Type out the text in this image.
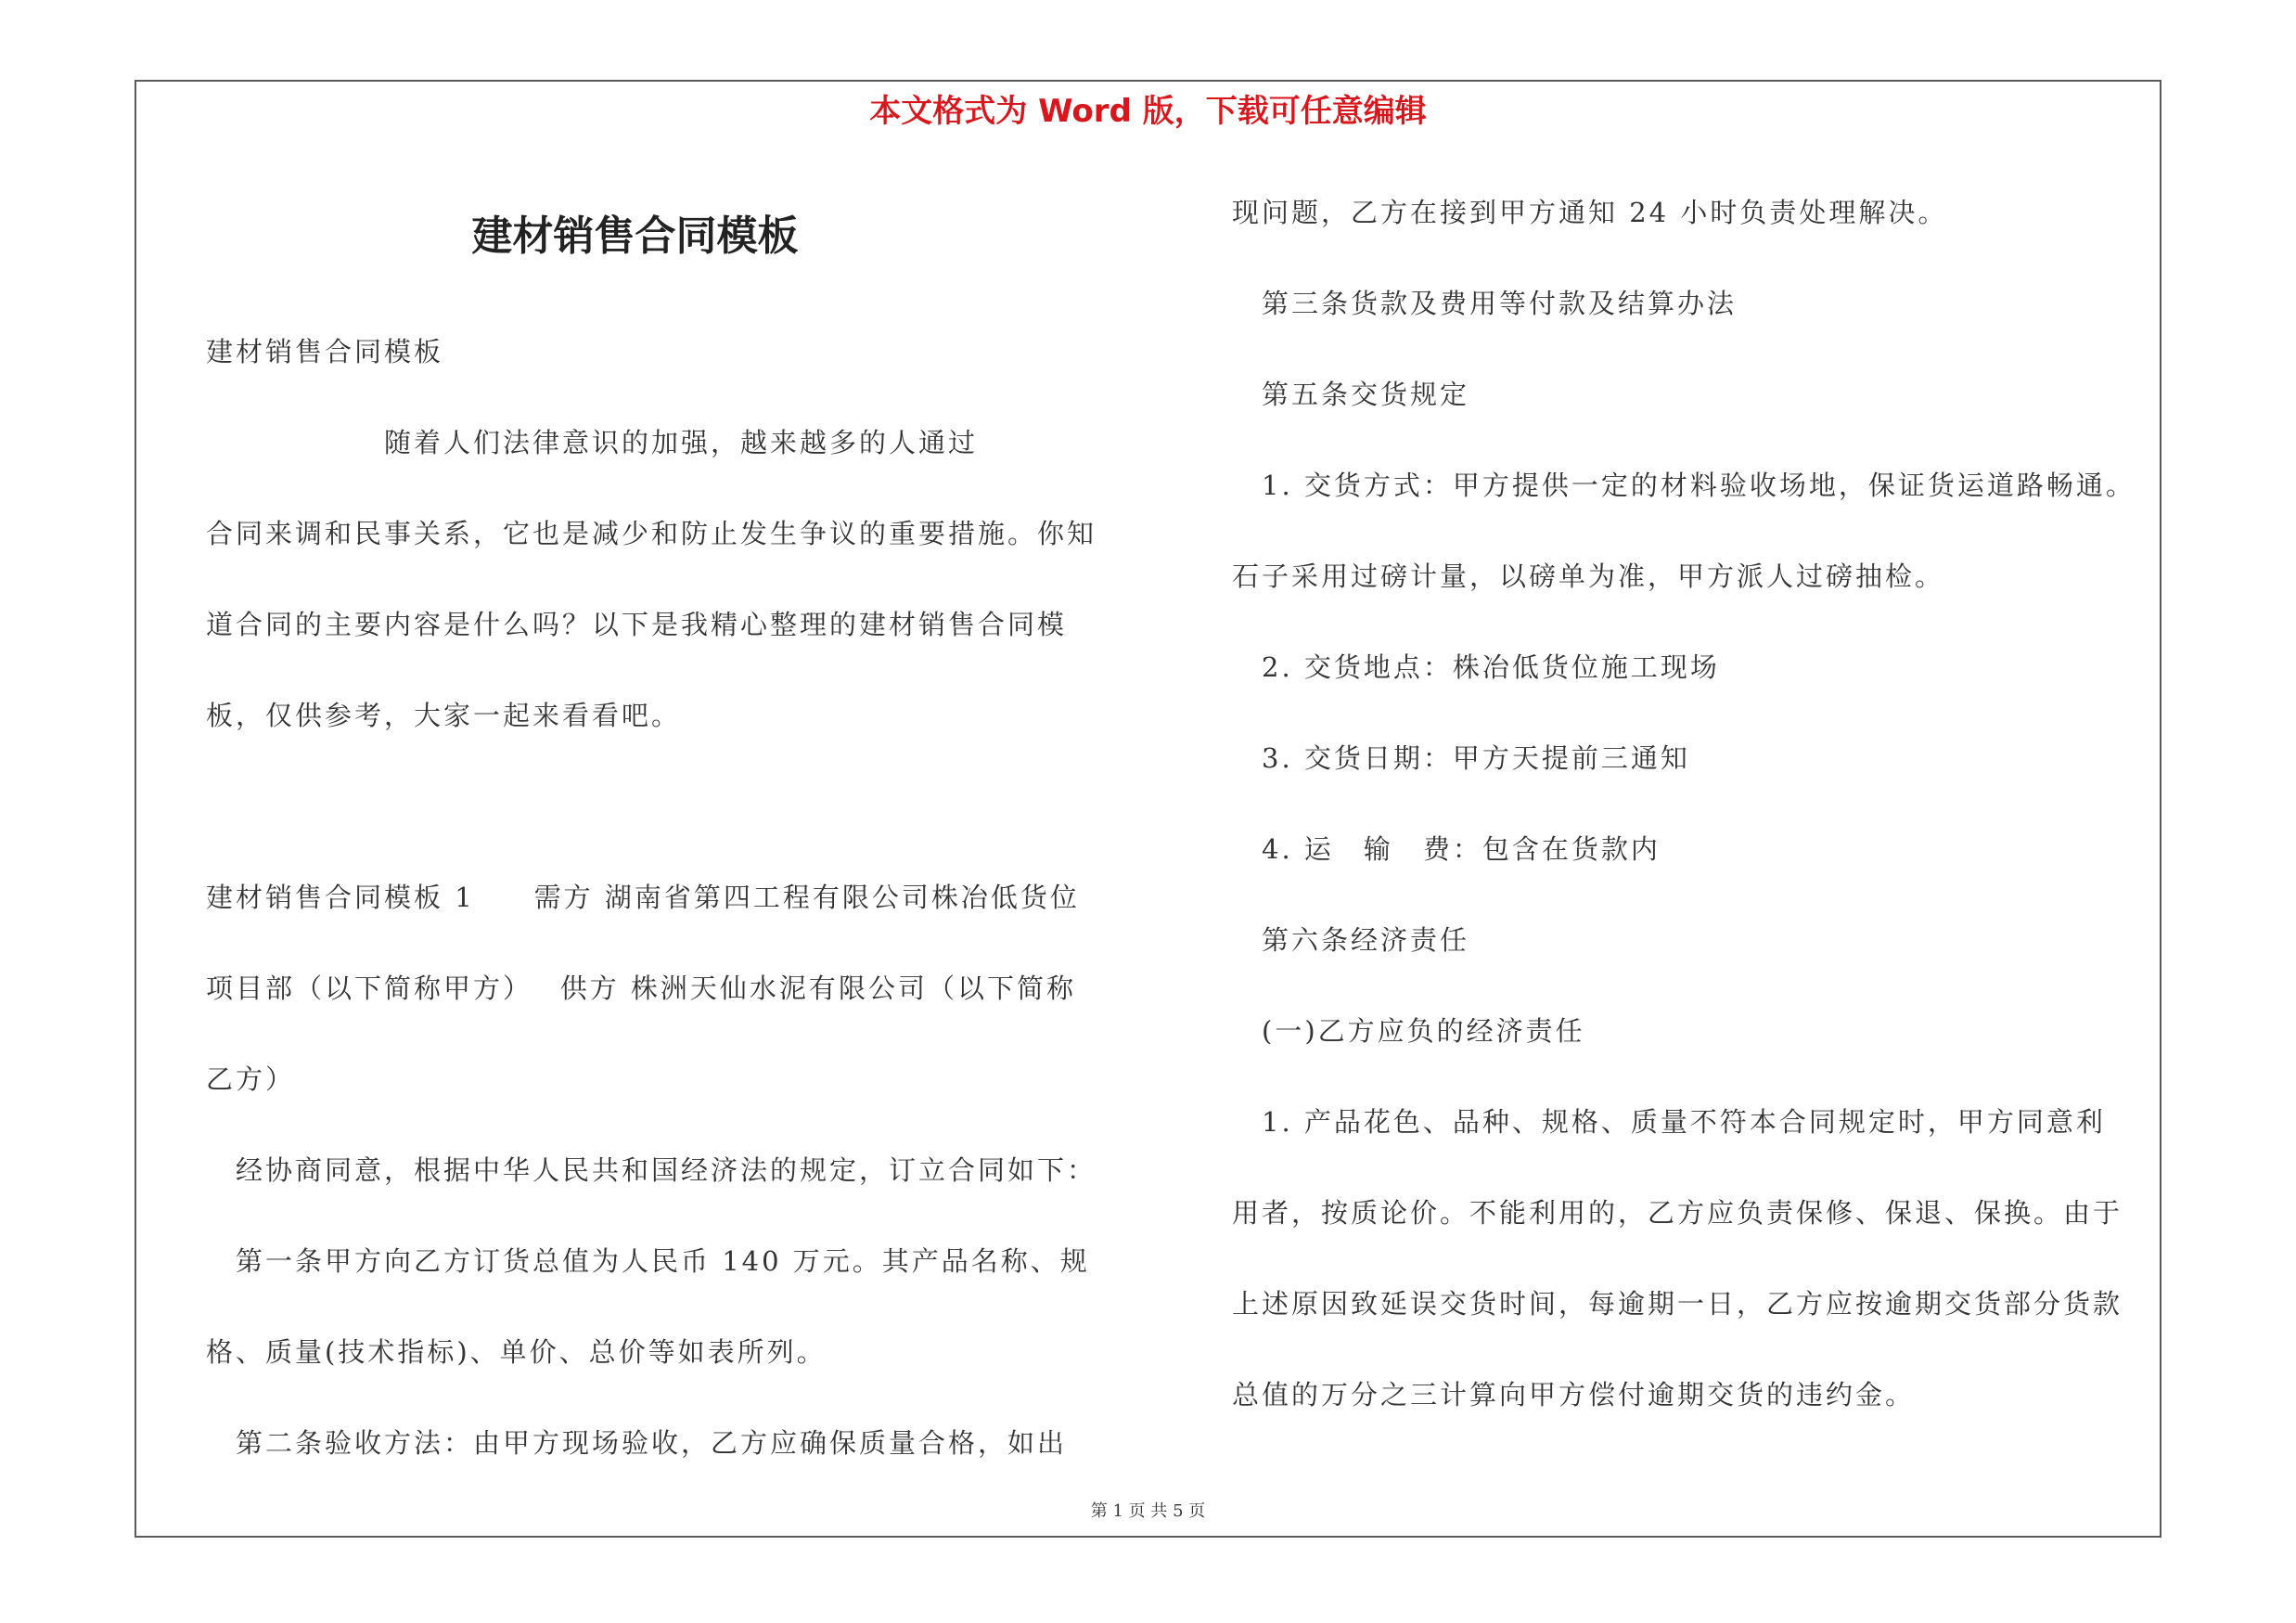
本文格式为 Word 版，下载可任意编辑
建材销售合同模板
建材销售合同模板
　　　　　　随着人们法律意识的加强，越来越多的人通过
合同来调和民事关系，它也是减少和防止发生争议的重要措施。你知
道合同的主要内容是什么吗？以下是我精心整理的建材销售合同模
板，仅供参考，大家一起来看看吧。
建材销售合同模板 1　　需方 湖南省第四工程有限公司株冶低货位
项目部（以下简称甲方）　 供方 株洲天仙水泥有限公司（以下简称
乙方）
　经协商同意，根据中华人民共和国经济法的规定，订立合同如下：
　第一条甲方向乙方订货总值为人民币 140 万元。其产品名称、规
格、质量(技术指标)、单价、总价等如表所列。
　第二条验收方法：由甲方现场验收，乙方应确保质量合格，如出
现问题，乙方在接到甲方通知 24 小时负责处理解决。
　第三条货款及费用等付款及结算办法
　第五条交货规定
　1. 交货方式：甲方提供一定的材料验收场地，保证货运道路畅通。
石子采用过磅计量，以磅单为准，甲方派人过磅抽检。
　2. 交货地点：株冶低货位施工现场
　3. 交货日期：甲方天提前三通知
　4. 运　输　费：包含在货款内
　第六条经济责任
　(一)乙方应负的经济责任
　1. 产品花色、品种、规格、质量不符本合同规定时，甲方同意利
用者，按质论价。不能利用的，乙方应负责保修、保退、保换。由于
上述原因致延误交货时间，每逾期一日，乙方应按逾期交货部分货款
总值的万分之三计算向甲方偿付逾期交货的违约金。
第 1 页 共 5 页
